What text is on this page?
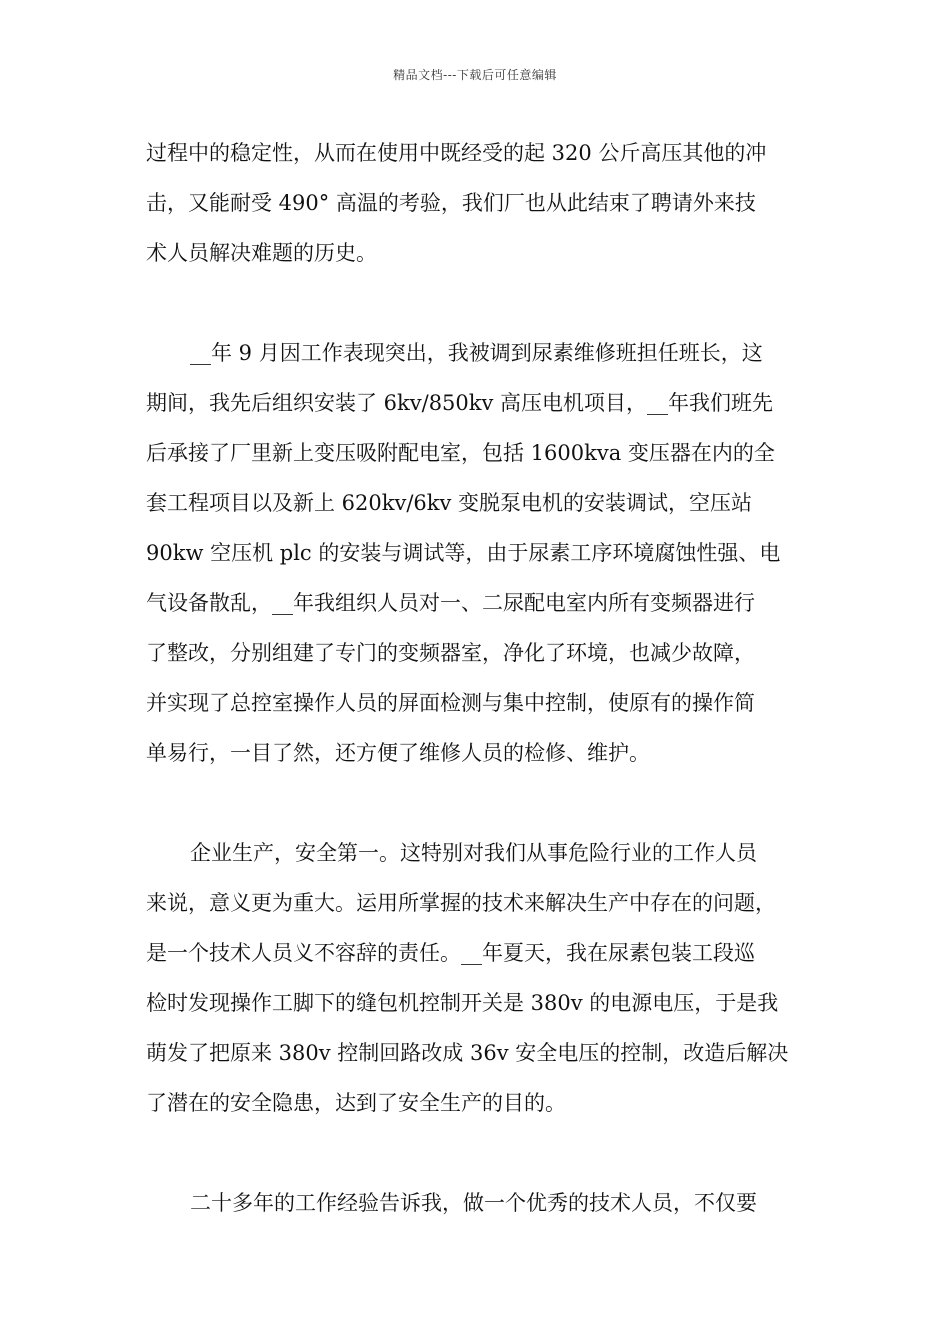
精品文档---下载后可任意编辑

过程中的稳定性，从而在使用中既经受的起 320 公斤高压其他的冲
击，又能耐受 490° 高温的考验，我们厂也从此结束了聘请外来技
术人员解决难题的历史。

__年 9 月因工作表现突出，我被调到尿素维修班担任班长，这
期间，我先后组织安装了 6kv/850kv 高压电机项目，__年我们班先
后承接了厂里新上变压吸附配电室，包括 1600kva 变压器在内的全
套工程项目以及新上 620kv/6kv 变脱泵电机的安装调试，空压站
90kw 空压机 plc 的安装与调试等，由于尿素工序环境腐蚀性强、电
气设备散乱，__年我组织人员对一、二尿配电室内所有变频器进行
了整改，分别组建了专门的变频器室，净化了环境，也减少故障，
并实现了总控室操作人员的屏面检测与集中控制，使原有的操作简
单易行，一目了然，还方便了维修人员的检修、维护。

企业生产，安全第一。这特别对我们从事危险行业的工作人员
来说，意义更为重大。运用所掌握的技术来解决生产中存在的问题，
是一个技术人员义不容辞的责任。__年夏天，我在尿素包装工段巡
检时发现操作工脚下的缝包机控制开关是 380v 的电源电压，于是我
萌发了把原来 380v 控制回路改成 36v 安全电压的控制，改造后解决
了潜在的安全隐患，达到了安全生产的目的。

二十多年的工作经验告诉我，做一个优秀的技术人员，不仅要
